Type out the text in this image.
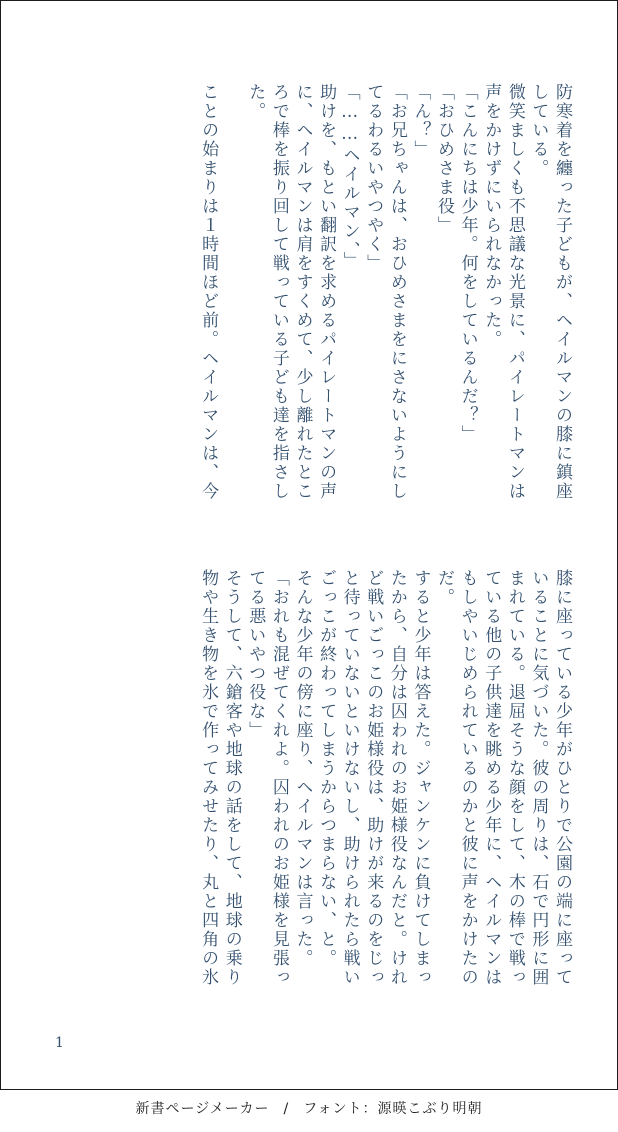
防寒着を纏った子どもが、ヘイルマンの膝に鎮座
している。
微笑ましくも不思議な光景に、パイレートマンは
声をかけずにいられなかった。
「こんにちは少年。何をしているんだ？」
「おひめさま役」
「ん？」
「お兄ちゃんは、おひめさまをにさないようにし
てるわるいやつやく」
「……ヘイルマン、」
助けを、もとい翻訳を求めるパイレートマンの声
に、ヘイルマンは肩をすくめて、少し離れたとこ
ろで棒を振り回して戦っている子ども達を指さし
た。
ことの始まりは１時間ほど前。ヘイルマンは、今
膝に座っている少年がひとりで公園の端に座って
いることに気づいた。彼の周りは、石で円形に囲
まれている。退屈そうな顔をして、木の棒で戦っ
ている他の子供達を眺める少年に、ヘイルマンは
もしやいじめられているのかと彼に声をかけたの
だ。
すると少年は答えた。ジャンケンに負けてしまっ
たから、自分は囚われのお姫様役なんだと。けれ
ど戦いごっこのお姫様役は、助けが来るのをじっ
と待っていないといけないし、助けられたら戦い
ごっこが終わってしまうからつまらない、と。
そんな少年の傍に座り、ヘイルマンは言った。
「おれも混ぜてくれよ。囚われのお姫様を見張っ
てる悪いやつ役な」
そうして、六鎗客や地球の話をして、地球の乗り
物や生き物を氷で作ってみせたり、丸と四角の氷
1
新書ページメーカー / フォント：源暎こぶり明朝
